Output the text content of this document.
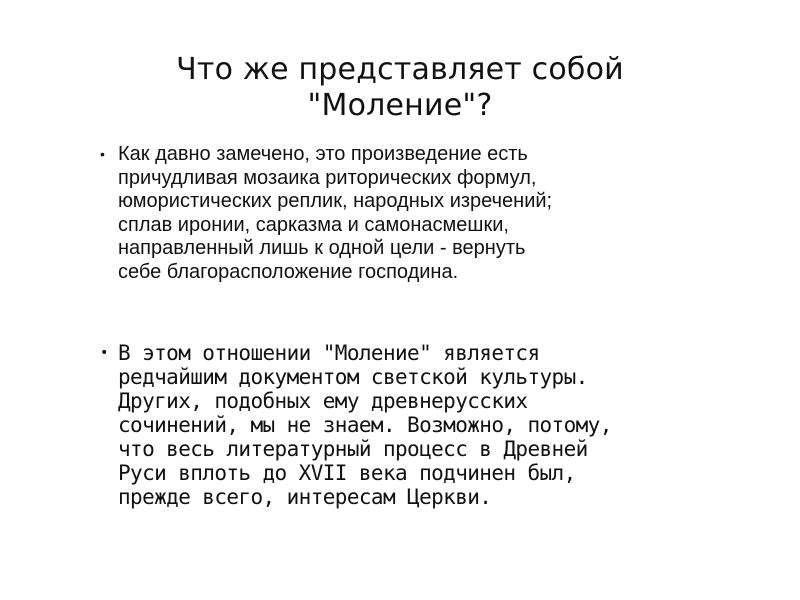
Что же представляет собой
"Моление"?
• Как давно замечено, это произведение есть
причудливая мозаика риторических формул,
юмористических реплик, народных изречений;
сплав иронии, сарказма и самонасмешки,
направленный лишь к одной цели - вернуть
себе благорасположение господина.
• В этом отношении "Моление" является
редчайшим документом светской культуры.
Других, подобных ему древнерусских
сочинений, мы не знаем. Возможно, потому,
что весь литературный процесс в Древней
Руси вплоть до XVII века подчинен был,
прежде всего, интересам Церкви.
